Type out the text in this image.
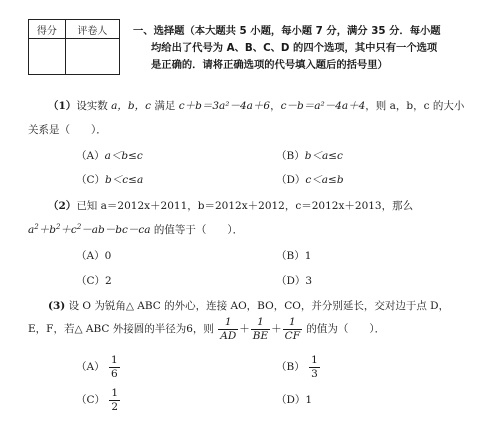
得分	评卷人
	一、选择题（本大题共 5 小题，每小题 7 分，满分 35 分．每小题
均给出了代号为 A、B、C、D 的四个选项，其中只有一个选项
是正确的．请将正确选项的代号填入题后的括号里）
（1）设实数 a，b，c 满足 c＋b＝3a²－4a＋6，c－b＝a²－4a＋4，则 a，b，c 的大小
关系是（　　）．
（A）a＜b≤c	（B）b＜a≤c
（C）b＜c≤a	（D）c＜a≤b
（2）已知 a＝2012x＋2011，b＝2012x＋2012，c＝2012x＋2013，那么
$a^2+b^2+c^2-ab-bc-ca$ 的值等于（　　）．
（A）0	（B）1
（C）2	（D）3
(3) 设 O 为锐角△ ABC 的外心，连接 AO，BO，CO，并分别延长，交对边于点 D，
E，F，若△ ABC 外接圆的半径为6，则 $\frac{1}{AD} + \frac{1}{BE} + \frac{1}{CF}$ 的值为（　　）．
$(A) \frac{1}{6}$	$(B) \frac{1}{3}$
$(C) \frac{1}{2}$	（D）1
